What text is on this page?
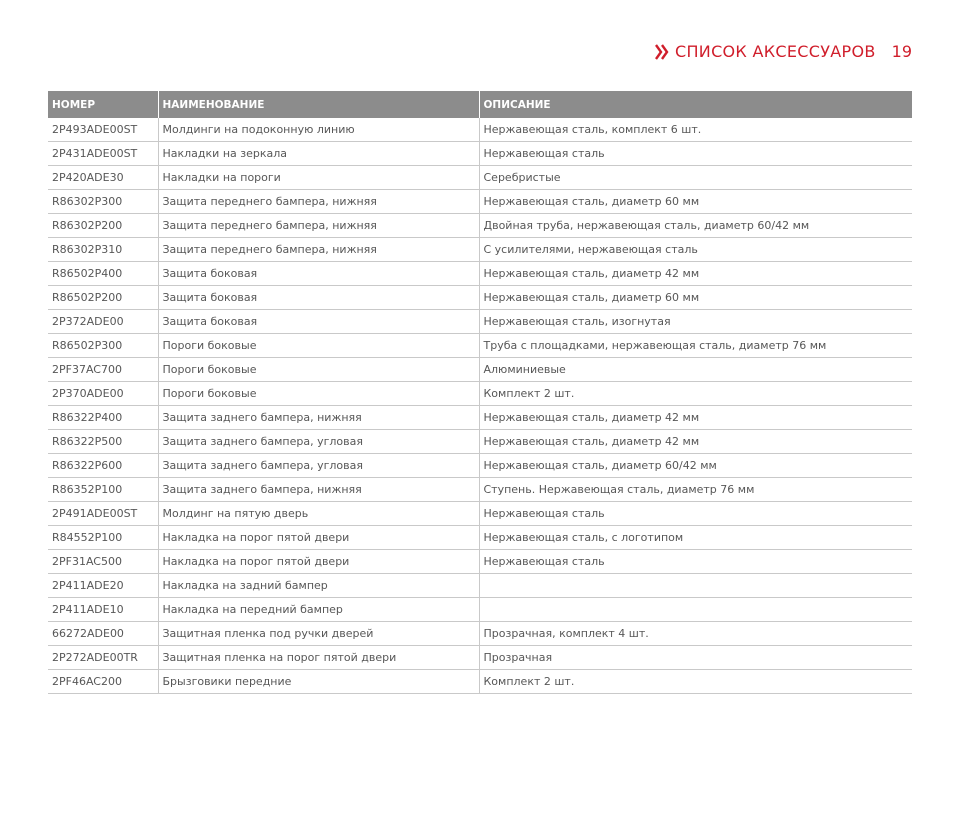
СПИСОК АКСЕССУАРОВ 19
НОМЕР	НАИМЕНОВАНИЕ	ОПИСАНИЕ
2P493ADE00ST	Молдинги на подоконную линию	Нержавеющая сталь, комплект 6 шт.
2P431ADE00ST	Накладки на зеркала	Нержавеющая сталь
2P420ADE30	Накладки на пороги	Серебристые
R86302P300	Защита переднего бампера, нижняя	Нержавеющая сталь, диаметр 60 мм
R86302P200	Защита переднего бампера, нижняя	Двойная труба, нержавеющая сталь, диаметр 60/42 мм
R86302P310	Защита переднего бампера, нижняя	С усилителями, нержавеющая сталь
R86502P400	Защита боковая	Нержавеющая сталь, диаметр 42 мм
R86502P200	Защита боковая	Нержавеющая сталь, диаметр 60 мм
2P372ADE00	Защита боковая	Нержавеющая сталь, изогнутая
R86502P300	Пороги боковые	Труба с площадками, нержавеющая сталь, диаметр 76 мм
2PF37AC700	Пороги боковые	Алюминиевые
2P370ADE00	Пороги боковые	Комплект 2 шт.
R86322P400	Защита заднего бампера, нижняя	Нержавеющая сталь, диаметр 42 мм
R86322P500	Защита заднего бампера, угловая	Нержавеющая сталь, диаметр 42 мм
R86322P600	Защита заднего бампера, угловая	Нержавеющая сталь, диаметр 60/42 мм
R86352P100	Защита заднего бампера, нижняя	Ступень. Нержавеющая сталь, диаметр 76 мм
2P491ADE00ST	Молдинг на пятую дверь	Нержавеющая сталь
R84552P100	Накладка на порог пятой двери	Нержавеющая сталь, с логотипом
2PF31AC500	Накладка на порог пятой двери	Нержавеющая сталь
2P411ADE20	Накладка на задний бампер	
2P411ADE10	Накладка на передний бампер	
66272ADE00	Защитная пленка под ручки дверей	Прозрачная, комплект 4 шт.
2P272ADE00TR	Защитная пленка на порог пятой двери	Прозрачная
2PF46AC200	Брызговики передние	Комплект 2 шт.
